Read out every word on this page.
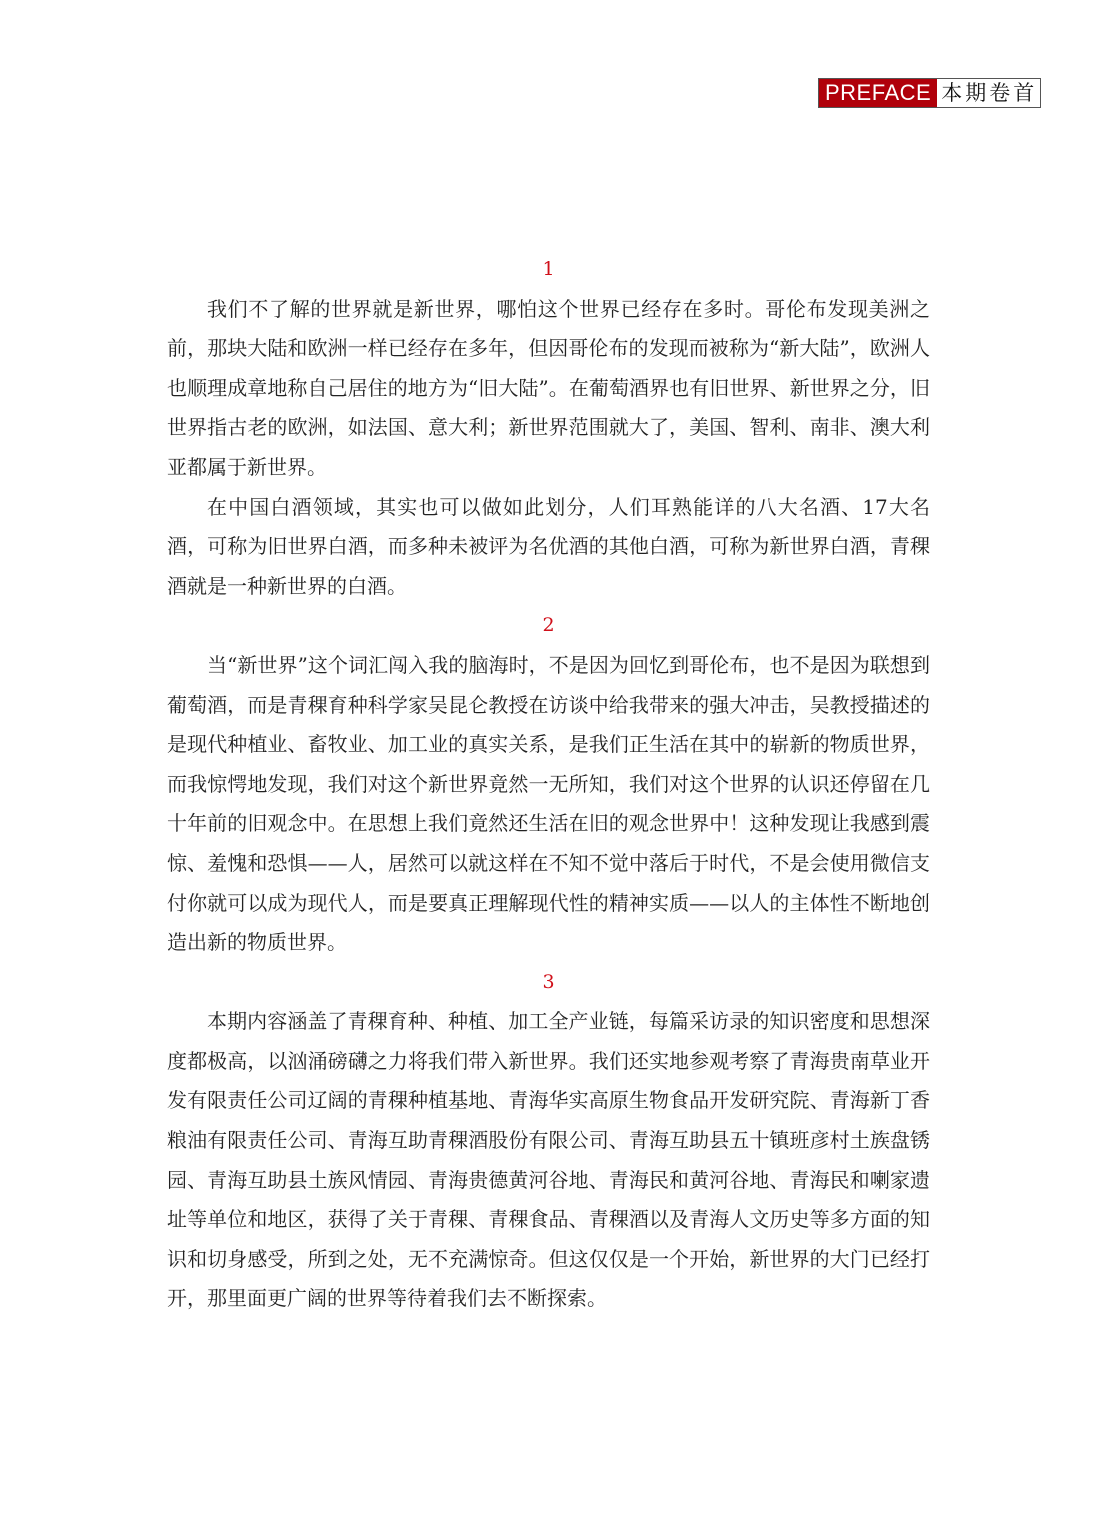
PREFACE 本期卷首
1

我们不了解的世界就是新世界，哪怕这个世界已经存在多时。哥伦布发现美洲之前，那块大陆和欧洲一样已经存在多年，但因哥伦布的发现而被称为“新大陆”，欧洲人也顺理成章地称自己居住的地方为“旧大陆”。在葡萄酒界也有旧世界、新世界之分，旧世界指古老的欧洲，如法国、意大利；新世界范围就大了，美国、智利、南非、澳大利亚都属于新世界。

在中国白酒领域，其实也可以做如此划分，人们耳熟能详的八大名酒、17大名酒，可称为旧世界白酒，而多种未被评为名优酒的其他白酒，可称为新世界白酒，青稞酒就是一种新世界的白酒。

2

当“新世界”这个词汇闯入我的脑海时，不是因为回忆到哥伦布，也不是因为联想到葡萄酒，而是青稞育种科学家吴昆仑教授在访谈中给我带来的强大冲击，吴教授描述的是现代种植业、畜牧业、加工业的真实关系，是我们正生活在其中的崭新的物质世界，而我惊愕地发现，我们对这个新世界竟然一无所知，我们对这个世界的认识还停留在几十年前的旧观念中。在思想上我们竟然还生活在旧的观念世界中！这种发现让我感到震惊、羞愧和恐惧——人，居然可以就这样在不知不觉中落后于时代，不是会使用微信支付你就可以成为现代人，而是要真正理解现代性的精神实质——以人的主体性不断地创造出新的物质世界。

3

本期内容涵盖了青稞育种、种植、加工全产业链，每篇采访录的知识密度和思想深度都极高，以汹涌磅礴之力将我们带入新世界。我们还实地参观考察了青海贵南草业开发有限责任公司辽阔的青稞种植基地、青海华实高原生物食品开发研究院、青海新丁香粮油有限责任公司、青海互助青稞酒股份有限公司、青海互助县五十镇班彦村土族盘锈园、青海互助县土族风情园、青海贵德黄河谷地、青海民和黄河谷地、青海民和喇家遗址等单位和地区，获得了关于青稞、青稞食品、青稞酒以及青海人文历史等多方面的知识和切身感受，所到之处，无不充满惊奇。但这仅仅是一个开始，新世界的大门已经打开，那里面更广阔的世界等待着我们去不断探索。
